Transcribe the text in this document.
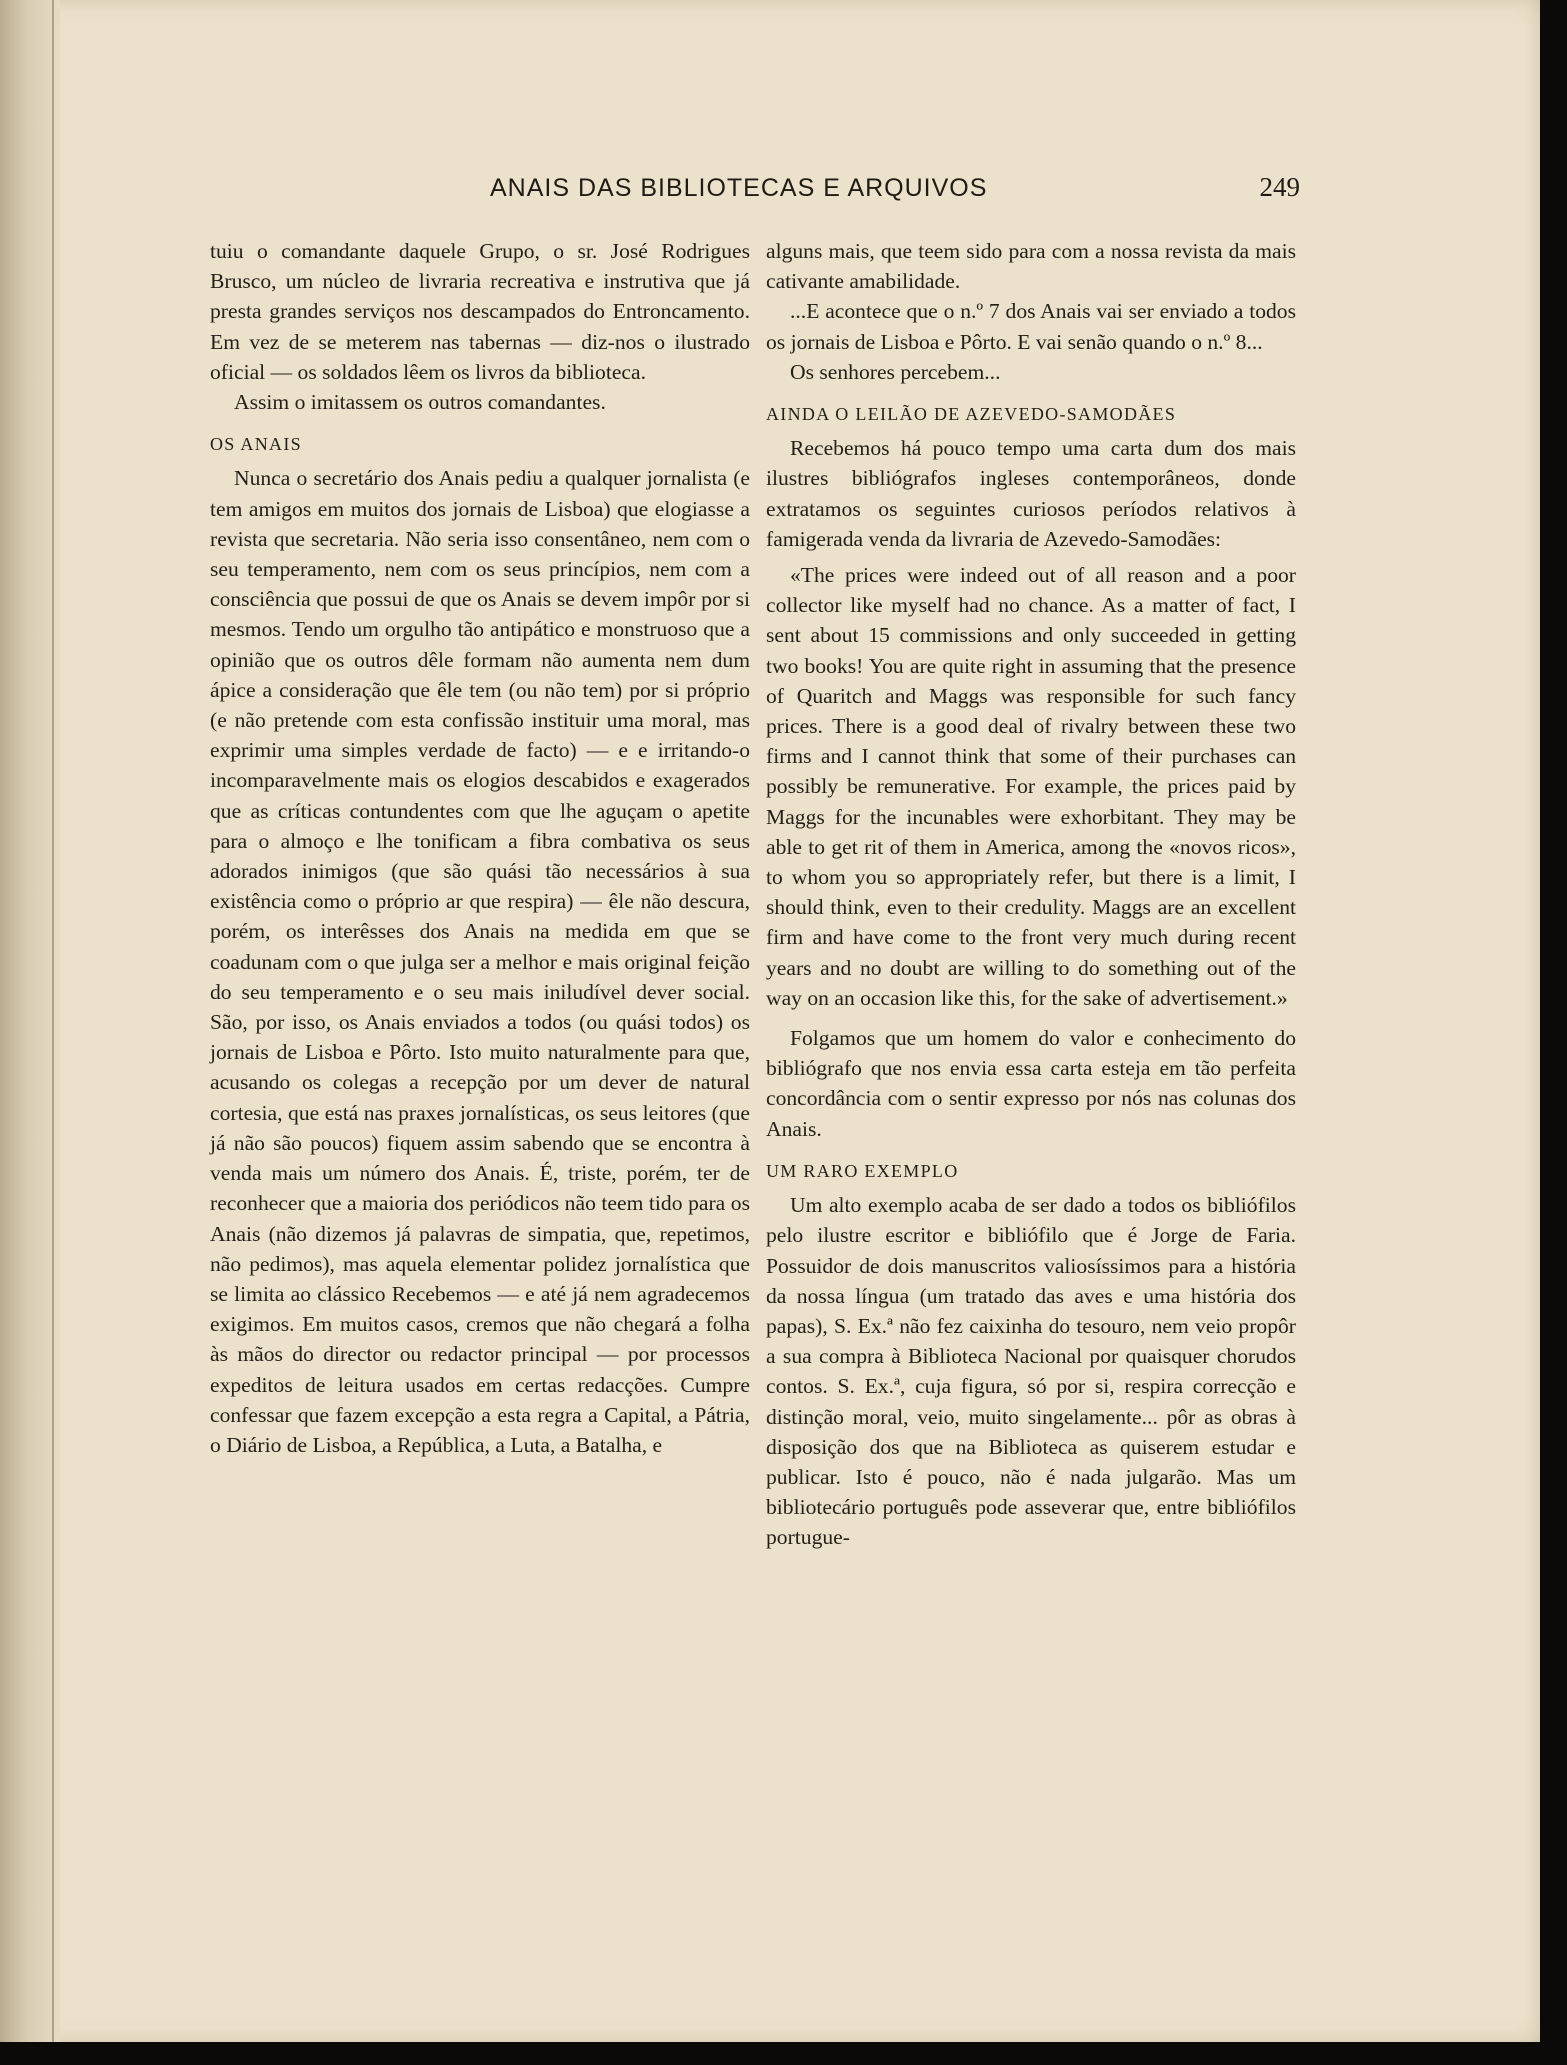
ANAIS DAS BIBLIOTECAS E ARQUIVOS	249

tuiu o comandante daquele Grupo, o sr. José Rodrigues Brusco, um núcleo de livraria recreativa e instrutiva que já presta grandes serviços nos descampados do Entroncamento. Em vez de se meterem nas tabernas — diz-nos o ilustrado oficial — os soldados lêem os livros da biblioteca.

Assim o imitassem os outros comandantes.

OS ANAIS

Nunca o secretário dos Anais pediu a qualquer jornalista (e tem amigos em muitos dos jornais de Lisboa) que elogiasse a revista que secretaria. Não seria isso consentâneo, nem com o seu temperamento, nem com os seus princípios, nem com a consciência que possui de que os Anais se devem impôr por si mesmos. Tendo um orgulho tão antipático e monstruoso que a opinião que os outros dêle formam não aumenta nem dum ápice a consideração que êle tem (ou não tem) por si próprio (e não pretende com esta confissão instituir uma moral, mas exprimir uma simples verdade de facto) — e e irritando-o incomparavelmente mais os elogios descabidos e exagerados que as críticas contundentes com que lhe aguçam o apetite para o almoço e lhe tonificam a fibra combativa os seus adorados inimigos (que são quási tão necessários à sua existência como o próprio ar que respira) — êle não descura, porém, os interêsses dos Anais na medida em que se coadunam com o que julga ser a melhor e mais original feição do seu temperamento e o seu mais iniludível dever social. São, por isso, os Anais enviados a todos (ou quási todos) os jornais de Lisboa e Pôrto. Isto muito naturalmente para que, acusando os colegas a recepção por um dever de natural cortesia, que está nas praxes jornalísticas, os seus leitores (que já não são poucos) fiquem assim sabendo que se encontra à venda mais um número dos Anais. É, triste, porém, ter de reconhecer que a maioria dos periódicos não teem tido para os Anais (não dizemos já palavras de simpatia, que, repetimos, não pedimos), mas aquela elementar polidez jornalística que se limita ao clássico Recebemos — e até já nem agradecemos exigimos. Em muitos casos, cremos que não chegará a folha às mãos do director ou redactor principal — por processos expeditos de leitura usados em certas redacções. Cumpre confessar que fazem excepção a esta regra a Capital, a Pátria, o Diário de Lisboa, a República, a Luta, a Batalha, e

alguns mais, que teem sido para com a nossa revista da mais cativante amabilidade.

...E acontece que o n.º 7 dos Anais vai ser enviado a todos os jornais de Lisboa e Pôrto. E vai senão quando o n.º 8...

Os senhores percebem...

AINDA O LEILÃO DE AZEVEDO-SAMODÃES

Recebemos há pouco tempo uma carta dum dos mais ilustres bibliógrafos ingleses contemporâneos, donde extratamos os seguintes curiosos períodos relativos à famigerada venda da livraria de Azevedo-Samodães:

«The prices were indeed out of all reason and a poor collector like myself had no chance. As a matter of fact, I sent about 15 commissions and only succeeded in getting two books! You are quite right in assuming that the presence of Quaritch and Maggs was responsible for such fancy prices. There is a good deal of rivalry between these two firms and I cannot think that some of their purchases can possibly be remunerative. For example, the prices paid by Maggs for the incunables were exhorbitant. They may be able to get rit of them in America, among the «novos ricos», to whom you so appropriately refer, but there is a limit, I should think, even to their credulity. Maggs are an excellent firm and have come to the front very much during recent years and no doubt are willing to do something out of the way on an occasion like this, for the sake of advertisement.»

Folgamos que um homem do valor e conhecimento do bibliógrafo que nos envia essa carta esteja em tão perfeita concordância com o sentir expresso por nós nas colunas dos Anais.

UM RARO EXEMPLO

Um alto exemplo acaba de ser dado a todos os bibliófilos pelo ilustre escritor e bibliófilo que é Jorge de Faria. Possuidor de dois manuscritos valiosíssimos para a história da nossa língua (um tratado das aves e uma história dos papas), S. Ex.ª não fez caixinha do tesouro, nem veio propôr a sua compra à Biblioteca Nacional por quaisquer chorudos contos. S. Ex.ª, cuja figura, só por si, respira correcção e distinção moral, veio, muito singelamente... pôr as obras à disposição dos que na Biblioteca as quiserem estudar e publicar. Isto é pouco, não é nada julgarão. Mas um bibliotecário português pode asseverar que, entre bibliófilos portugue-
